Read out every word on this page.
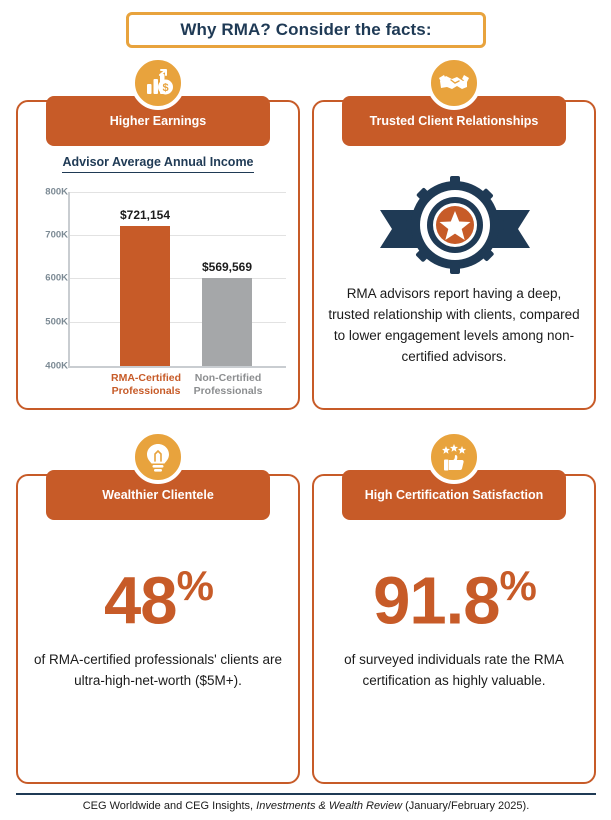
Why RMA? Consider the facts:
$
Higher Earnings
Advisor Average Annual Income
800K
700K
600K
500K
400K
$721,154
$569,569
RMA-Certified Professionals
Non-Certified Professionals
Trusted Client Relationships
RMA advisors report having a deep, trusted relationship with clients, compared to lower engagement levels among non-certified advisors.
Wealthier Clientele
48%
of RMA-certified professionals' clients are ultra-high-net-worth ($5M+).
High Certification Satisfaction
91.8%
of surveyed individuals rate the RMA certification as highly valuable.
CEG Worldwide and CEG Insights, Investments & Wealth Review (January/February 2025).
